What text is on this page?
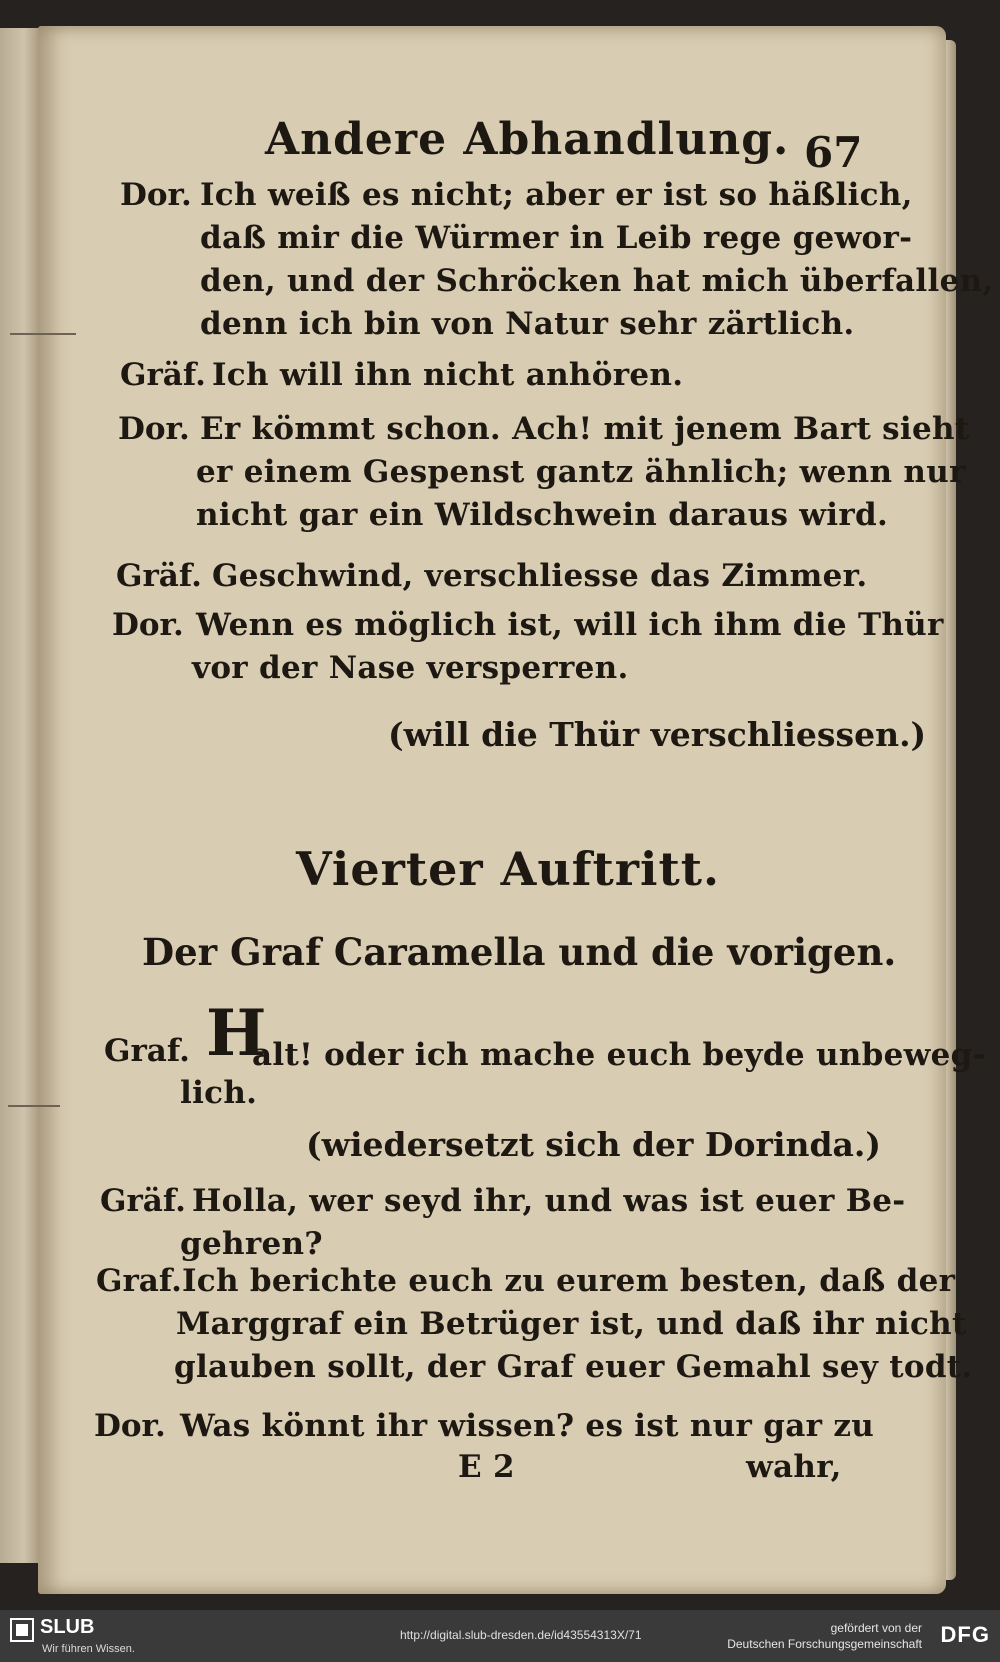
Andere Abhandlung. 67
Dor. Ich weiß es nicht; aber er ist so häßlich,
daß mir die Würmer in Leib rege gewor-
den, und der Schröcken hat mich überfallen,
denn ich bin von Natur sehr zärtlich.
Gräf. Ich will ihn nicht anhören.
Dor. Er kömmt schon. Ach! mit jenem Bart sieht
er einem Gespenst gantz ähnlich; wenn nur
nicht gar ein Wildschwein daraus wird.
Gräf. Geschwind, verschliesse das Zimmer.
Dor. Wenn es möglich ist, will ich ihm die Thür
vor der Nase versperren.
(will die Thür verschliessen.)
Vierter Auftritt.
Der Graf Caramella und die vorigen.
Graf. H
alt! oder ich mache euch beyde unbeweg-
lich.
(wiedersetzt sich der Dorinda.)
Gräf. Holla, wer seyd ihr, und was ist euer Be-
gehren?
Graf. Ich berichte euch zu eurem besten, daß der
Marggraf ein Betrüger ist, und daß ihr nicht
glauben sollt, der Graf euer Gemahl sey todt.
Dor. Was könnt ihr wissen? es ist nur gar zu
E 2	wahr,
SLUB
Wir führen Wissen.
http://digital.slub-dresden.de/id43554313X/71	gefördert von der
Deutschen Forschungsgemeinschaft DFG
